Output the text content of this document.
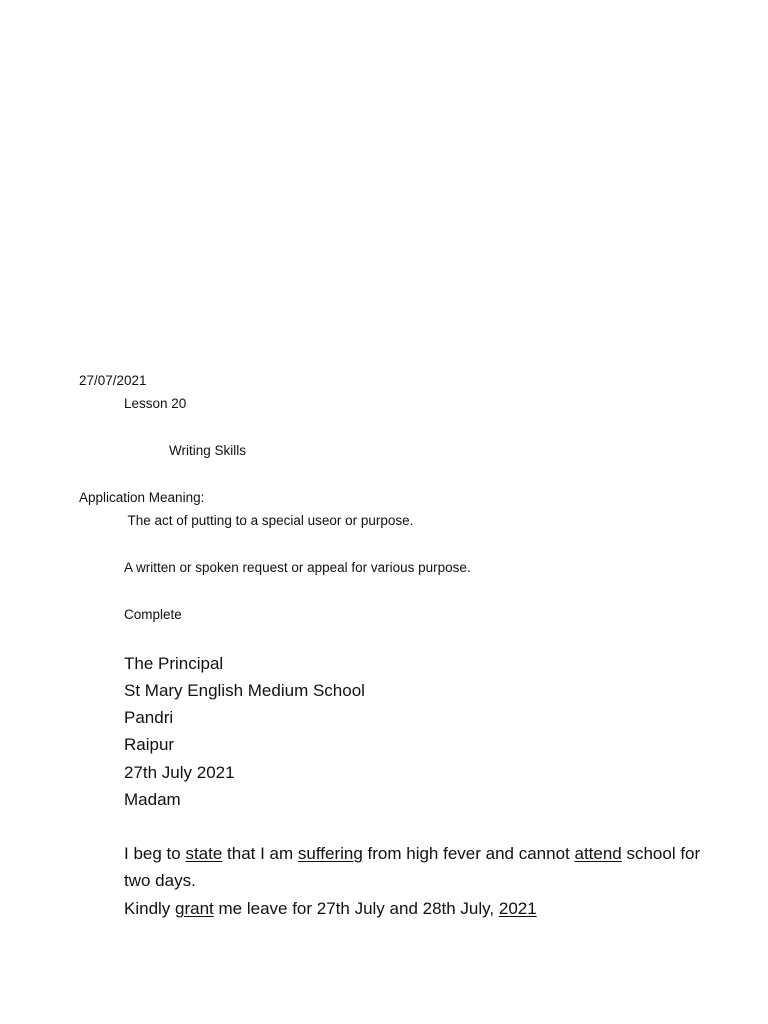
27/07/2021
Lesson 20
Writing Skills
Application Meaning:
The act of putting to a special useor or purpose.
A written or spoken request or appeal for various purpose.
Complete
The Principal
St Mary English Medium School
Pandri
Raipur
27th July 2021
Madam
I beg to state that I am suffering from high fever and cannot attend school for two days.
Kindly grant me leave for 27th July and 28th July, 2021
